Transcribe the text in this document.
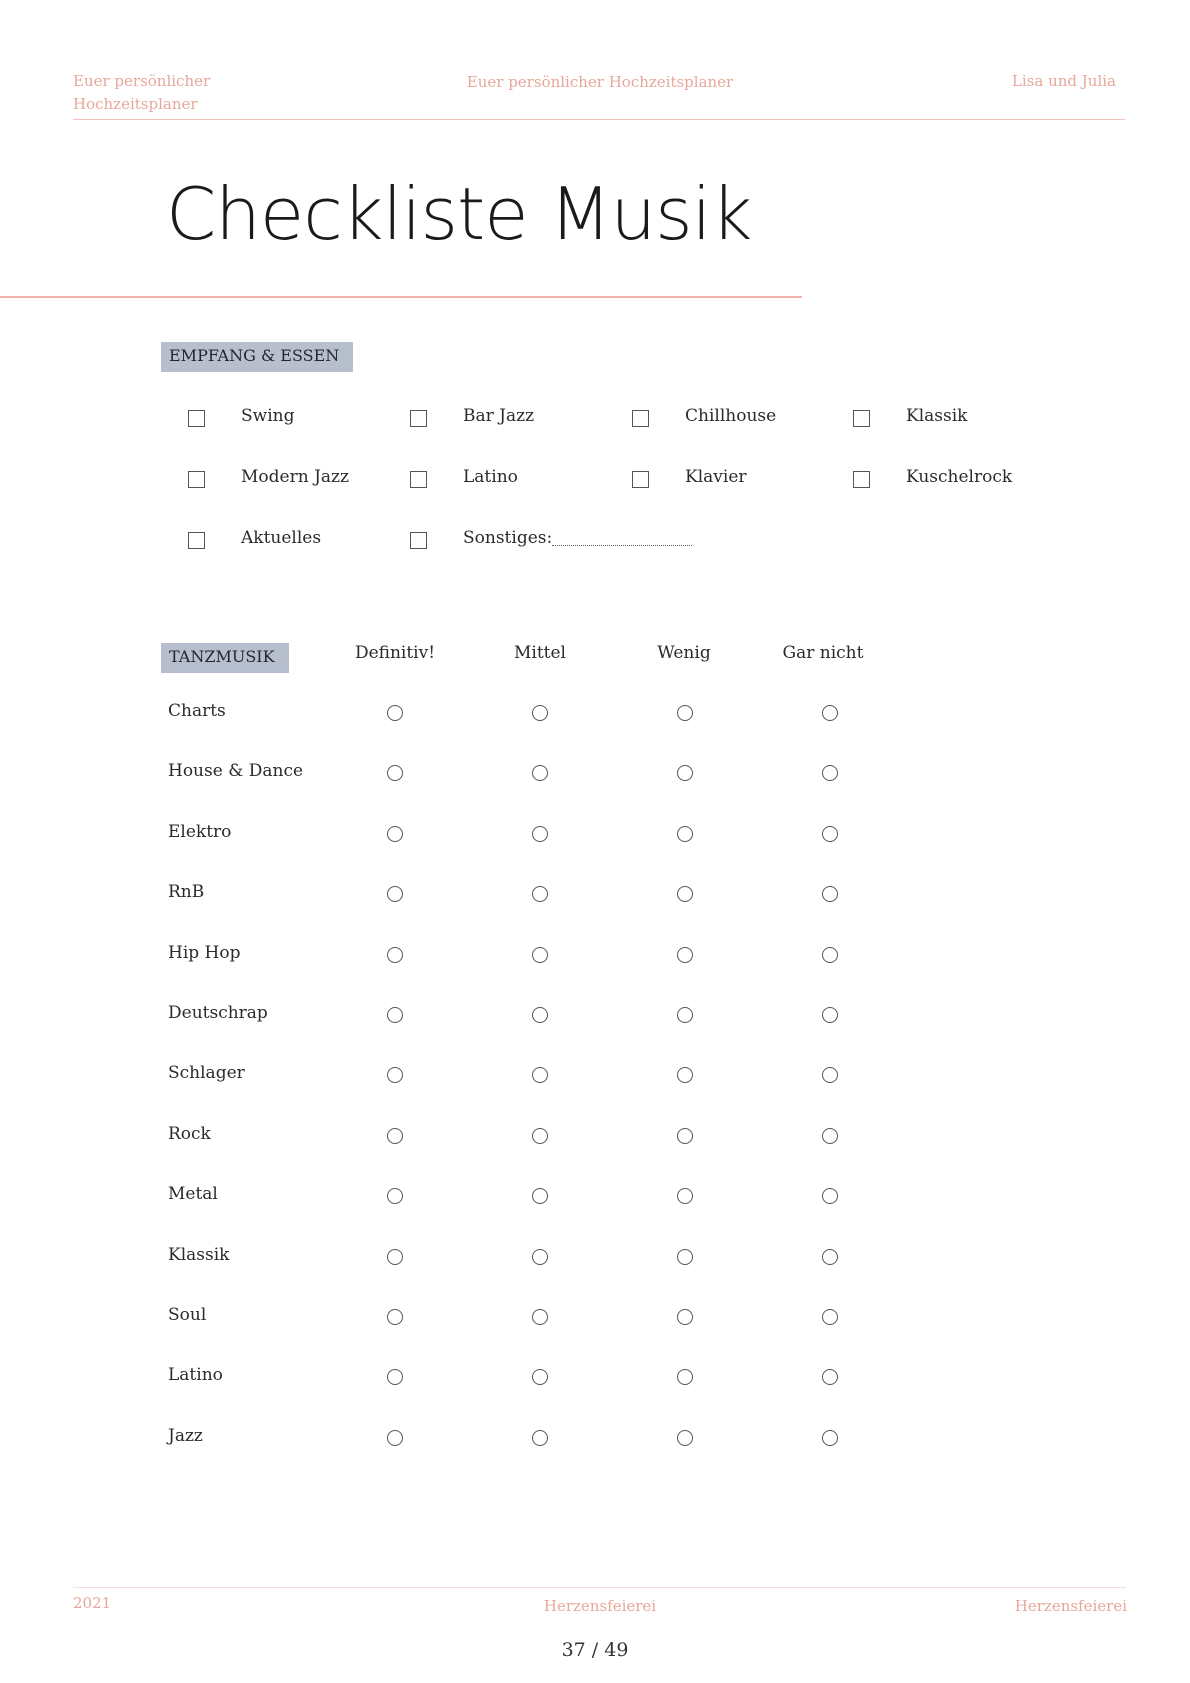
Euer persönlicher Hochzeitsplaner
Euer persönlicher Hochzeitsplaner	Lisa und Julia
Checkliste Musik
EMPFANG & ESSEN
Swing	Bar Jazz	Chillhouse	Klassik
Modern Jazz	Latino	Klavier	Kuschelrock
Aktuelles	Sonstiges:
TANZMUSIK	Definitiv!	Mittel	Wenig	Gar nicht
Charts
House & Dance
Elektro
RnB
Hip Hop
Deutschrap
Schlager
Rock
Metal
Klassik
Soul
Latino
Jazz
2021	Herzensfeierei	Herzensfeierei
37 / 49
